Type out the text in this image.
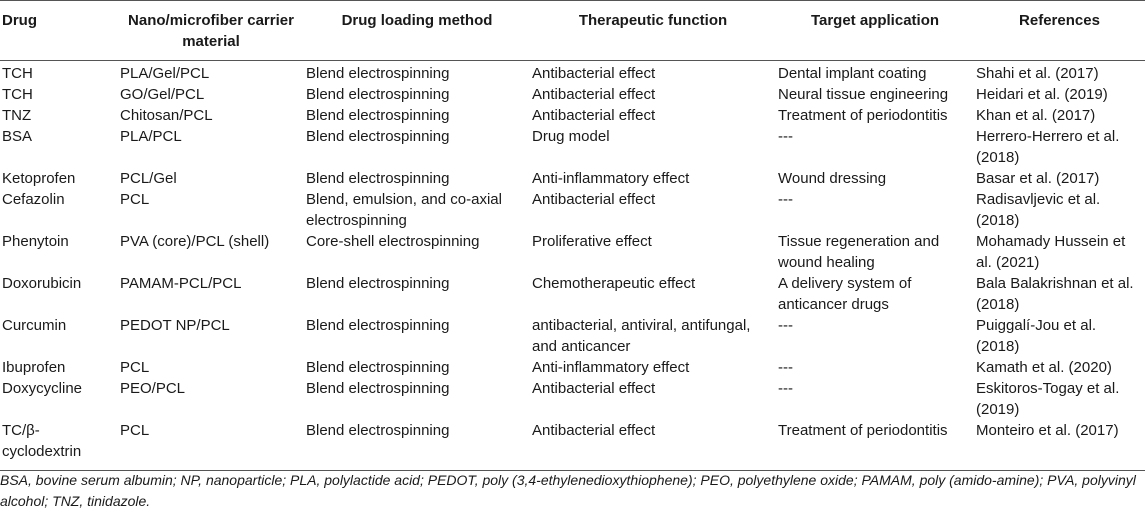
Drug	Nano/microfiber carrier material	Drug loading method	Therapeutic function	Target application	References
TCH	PLA/Gel/PCL	Blend electrospinning	Antibacterial effect	Dental implant coating	Shahi et al. (2017)
TCH	GO/Gel/PCL	Blend electrospinning	Antibacterial effect	Neural tissue engineering	Heidari et al. (2019)
TNZ	Chitosan/PCL	Blend electrospinning	Antibacterial effect	Treatment of periodontitis	Khan et al. (2017)
BSA	PLA/PCL	Blend electrospinning	Drug model	---	Herrero-Herrero et al. (2018)
Ketoprofen	PCL/Gel	Blend electrospinning	Anti-inflammatory effect	Wound dressing	Basar et al. (2017)
Cefazolin	PCL	Blend, emulsion, and co-axial electrospinning	Antibacterial effect	---	Radisavljevic et al. (2018)
Phenytoin	PVA (core)/PCL (shell)	Core-shell electrospinning	Proliferative effect	Tissue regeneration and wound healing	Mohamady Hussein et al. (2021)
Doxorubicin	PAMAM-PCL/PCL	Blend electrospinning	Chemotherapeutic effect	A delivery system of anticancer drugs	Bala Balakrishnan et al. (2018)
Curcumin	PEDOT NP/PCL	Blend electrospinning	antibacterial, antiviral, antifungal, and anticancer	---	Puiggalí-Jou et al. (2018)
Ibuprofen	PCL	Blend electrospinning	Anti-inflammatory effect	---	Kamath et al. (2020)
Doxycycline	PEO/PCL	Blend electrospinning	Antibacterial effect	---	Eskitoros-Togay et al. (2019)
TC/β-cyclodextrin	PCL	Blend electrospinning	Antibacterial effect	Treatment of periodontitis	Monteiro et al. (2017)
BSA, bovine serum albumin; NP, nanoparticle; PLA, polylactide acid; PEDOT, poly (3,4-ethylenedioxythiophene); PEO, polyethylene oxide; PAMAM, poly (amido-amine); PVA, polyvinyl alcohol; TNZ, tinidazole.
